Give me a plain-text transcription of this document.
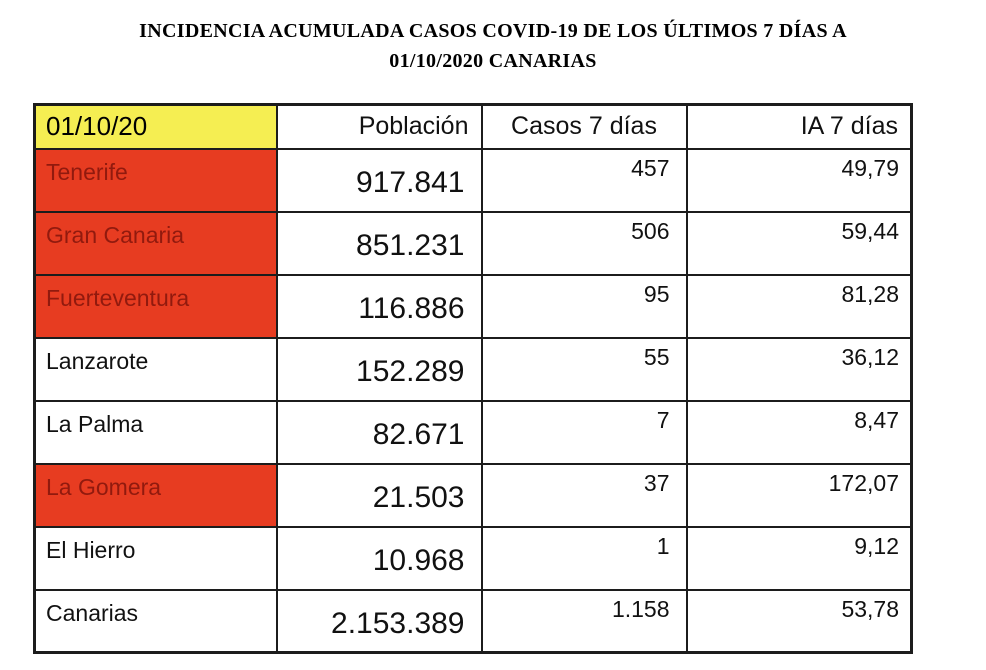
INCIDENCIA ACUMULADA CASOS COVID-19 DE LOS ÚLTIMOS 7 DÍAS A
01/10/2020 CANARIAS
01/10/20	Población	Casos 7 días	IA 7 días
Tenerife	917.841	457	49,79
Gran Canaria	851.231	506	59,44
Fuerteventura	116.886	95	81,28
Lanzarote	152.289	55	36,12
La Palma	82.671	7	8,47
La Gomera	21.503	37	172,07
El Hierro	10.968	1	9,12
Canarias	2.153.389	1.158	53,78
